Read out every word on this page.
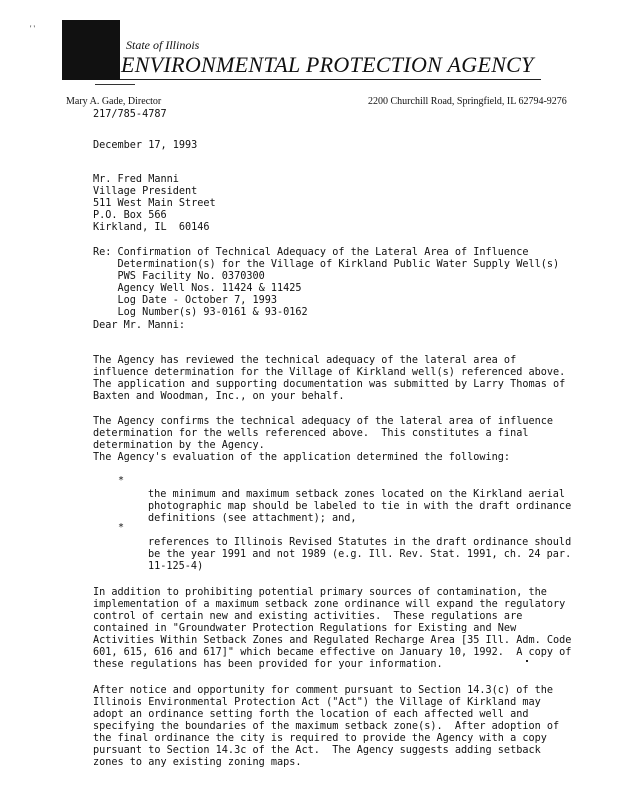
' '
State of Illinois
ENVIRONMENTAL PROTECTION AGENCY
Mary A. Gade, Director	2200 Churchill Road, Springfield, IL 62794-9276
217/785-4787
December 17, 1993

Mr. Fred Manni
Village President
511 West Main Street
P.O. Box 566
Kirkland, IL  60146

Re: Confirmation of Technical Adequacy of the Lateral Area of Influence
Determination(s) for the Village of Kirkland Public Water Supply Well(s)
PWS Facility No. 0370300
Agency Well Nos. 11424 & 11425
Log Date - October 7, 1993
Log Number(s) 93-0161 & 93-0162

Dear Mr. Manni:

The Agency has reviewed the technical adequacy of the lateral area of
influence determination for the Village of Kirkland well(s) referenced above.
The application and supporting documentation was submitted by Larry Thomas of
Baxten and Woodman, Inc., on your behalf.

The Agency confirms the technical adequacy of the lateral area of influence
determination for the wells referenced above.  This constitutes a final
determination by the Agency.

The Agency's evaluation of the application determined the following:
*

the minimum and maximum setback zones located on the Kirkland aerial
photographic map should be labeled to tie in with the draft ordinance
definitions (see attachment); and,

*

references to Illinois Revised Statutes in the draft ordinance should
be the year 1991 and not 1989 (e.g. Ill. Rev. Stat. 1991, ch. 24 par.
11-125-4)

In addition to prohibiting potential primary sources of contamination, the
implementation of a maximum setback zone ordinance will expand the regulatory
control of certain new and existing activities.  These regulations are
contained in "Groundwater Protection Regulations for Existing and New
Activities Within Setback Zones and Regulated Recharge Area [35 Ill. Adm. Code
601, 615, 616 and 617]" which became effective on January 10, 1992.  A copy of
these regulations has been provided for your information.

After notice and opportunity for comment pursuant to Section 14.3(c) of the
Illinois Environmental Protection Act ("Act") the Village of Kirkland may
adopt an ordinance setting forth the location of each affected well and
specifying the boundaries of the maximum setback zone(s).  After adoption of
the final ordinance the city is required to provide the Agency with a copy
pursuant to Section 14.3c of the Act.  The Agency suggests adding setback
zones to any existing zoning maps.
